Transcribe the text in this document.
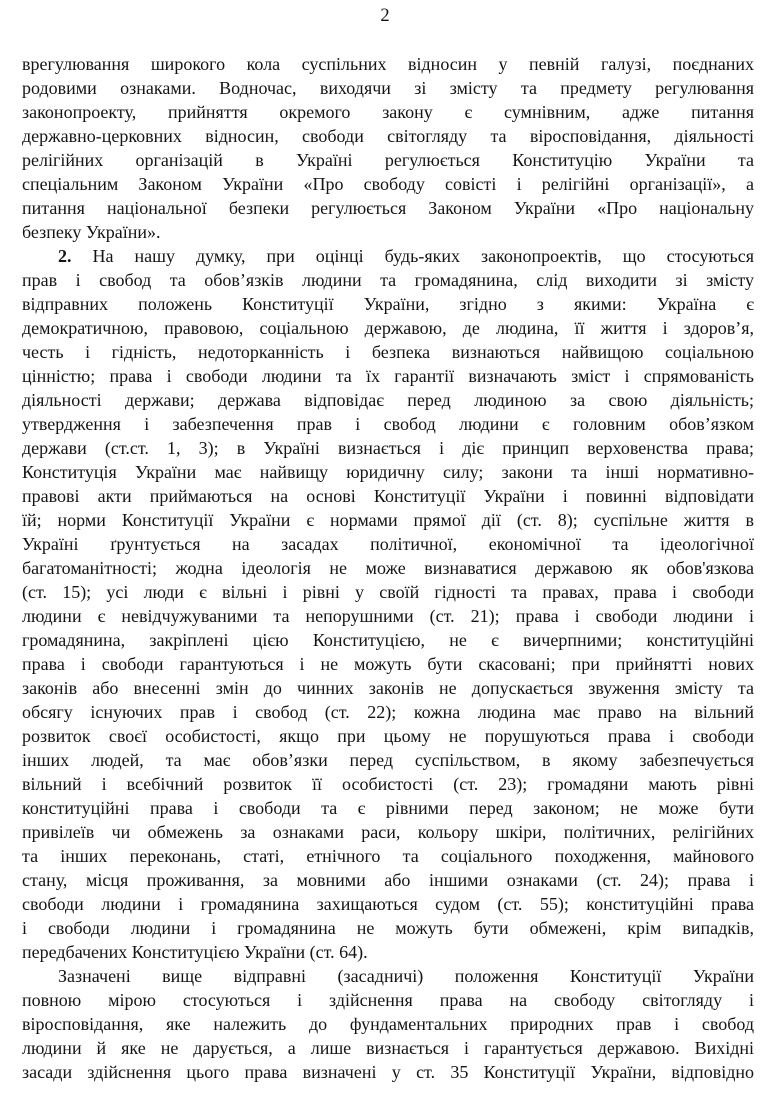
2
врегулювання широкого кола суспільних відносин у певній галузі, поєднаних
родовими ознаками. Водночас, виходячи зі змісту та предмету регулювання
законопроекту, прийняття окремого закону є сумнівним, адже питання
державно-церковних відносин, свободи світогляду та віросповідання, діяльності
релігійних організацій в Україні регулюється Конституцію України та
спеціальним Законом України «Про свободу совісті і релігійні організації», а
питання національної безпеки регулюється Законом України «Про національну
безпеку України».
2. На нашу думку, при оцінці будь-яких законопроектів, що стосуються
прав і свобод та обов’язків людини та громадянина, слід виходити зі змісту
відправних положень Конституції України, згідно з якими: Україна є
демократичною, правовою, соціальною державою, де людина, її життя і здоров’я,
честь і гідність, недоторканність і безпека визнаються найвищою соціальною
цінністю; права і свободи людини та їх гарантії визначають зміст і спрямованість
діяльності держави; держава відповідає перед людиною за свою діяльність;
утвердження і забезпечення прав і свобод людини є головним обов’язком
держави (ст.ст. 1, 3); в Україні визнається і діє принцип верховенства права;
Конституція України має найвищу юридичну силу; закони та інші нормативно-
правові акти приймаються на основі Конституції України і повинні відповідати
їй; норми Конституції України є нормами прямої дії (ст. 8); суспільне життя в
Україні ґрунтується на засадах політичної, економічної та ідеологічної
багатоманітності; жодна ідеологія не може визнаватися державою як обов'язкова
(ст. 15); усі люди є вільні і рівні у своїй гідності та правах, права і свободи
людини є невідчужуваними та непорушними (ст. 21); права і свободи людини і
громадянина, закріплені цією Конституцією, не є вичерпними; конституційні
права і свободи гарантуються і не можуть бути скасовані; при прийнятті нових
законів або внесенні змін до чинних законів не допускається звуження змісту та
обсягу існуючих прав і свобод (ст. 22); кожна людина має право на вільний
розвиток своєї особистості, якщо при цьому не порушуються права і свободи
інших людей, та має обов’язки перед суспільством, в якому забезпечується
вільний і всебічний розвиток її особистості (ст. 23); громадяни мають рівні
конституційні права і свободи та є рівними перед законом; не може бути
привілеїв чи обмежень за ознаками раси, кольору шкіри, політичних, релігійних
та інших переконань, статі, етнічного та соціального походження, майнового
стану, місця проживання, за мовними або іншими ознаками (ст. 24); права і
свободи людини і громадянина захищаються судом (ст. 55); конституційні права
і свободи людини і громадянина не можуть бути обмежені, крім випадків,
передбачених Конституцією України (ст. 64).
Зазначені вище відправні (засадничі) положення Конституції України
повною мірою стосуються і здійснення права на свободу світогляду і
віросповідання, яке належить до фундаментальних природних прав і свобод
людини й яке не дарується, а лише визнається і гарантується державою. Вихідні
засади здійснення цього права визначені у ст. 35 Конституції України, відповідно
